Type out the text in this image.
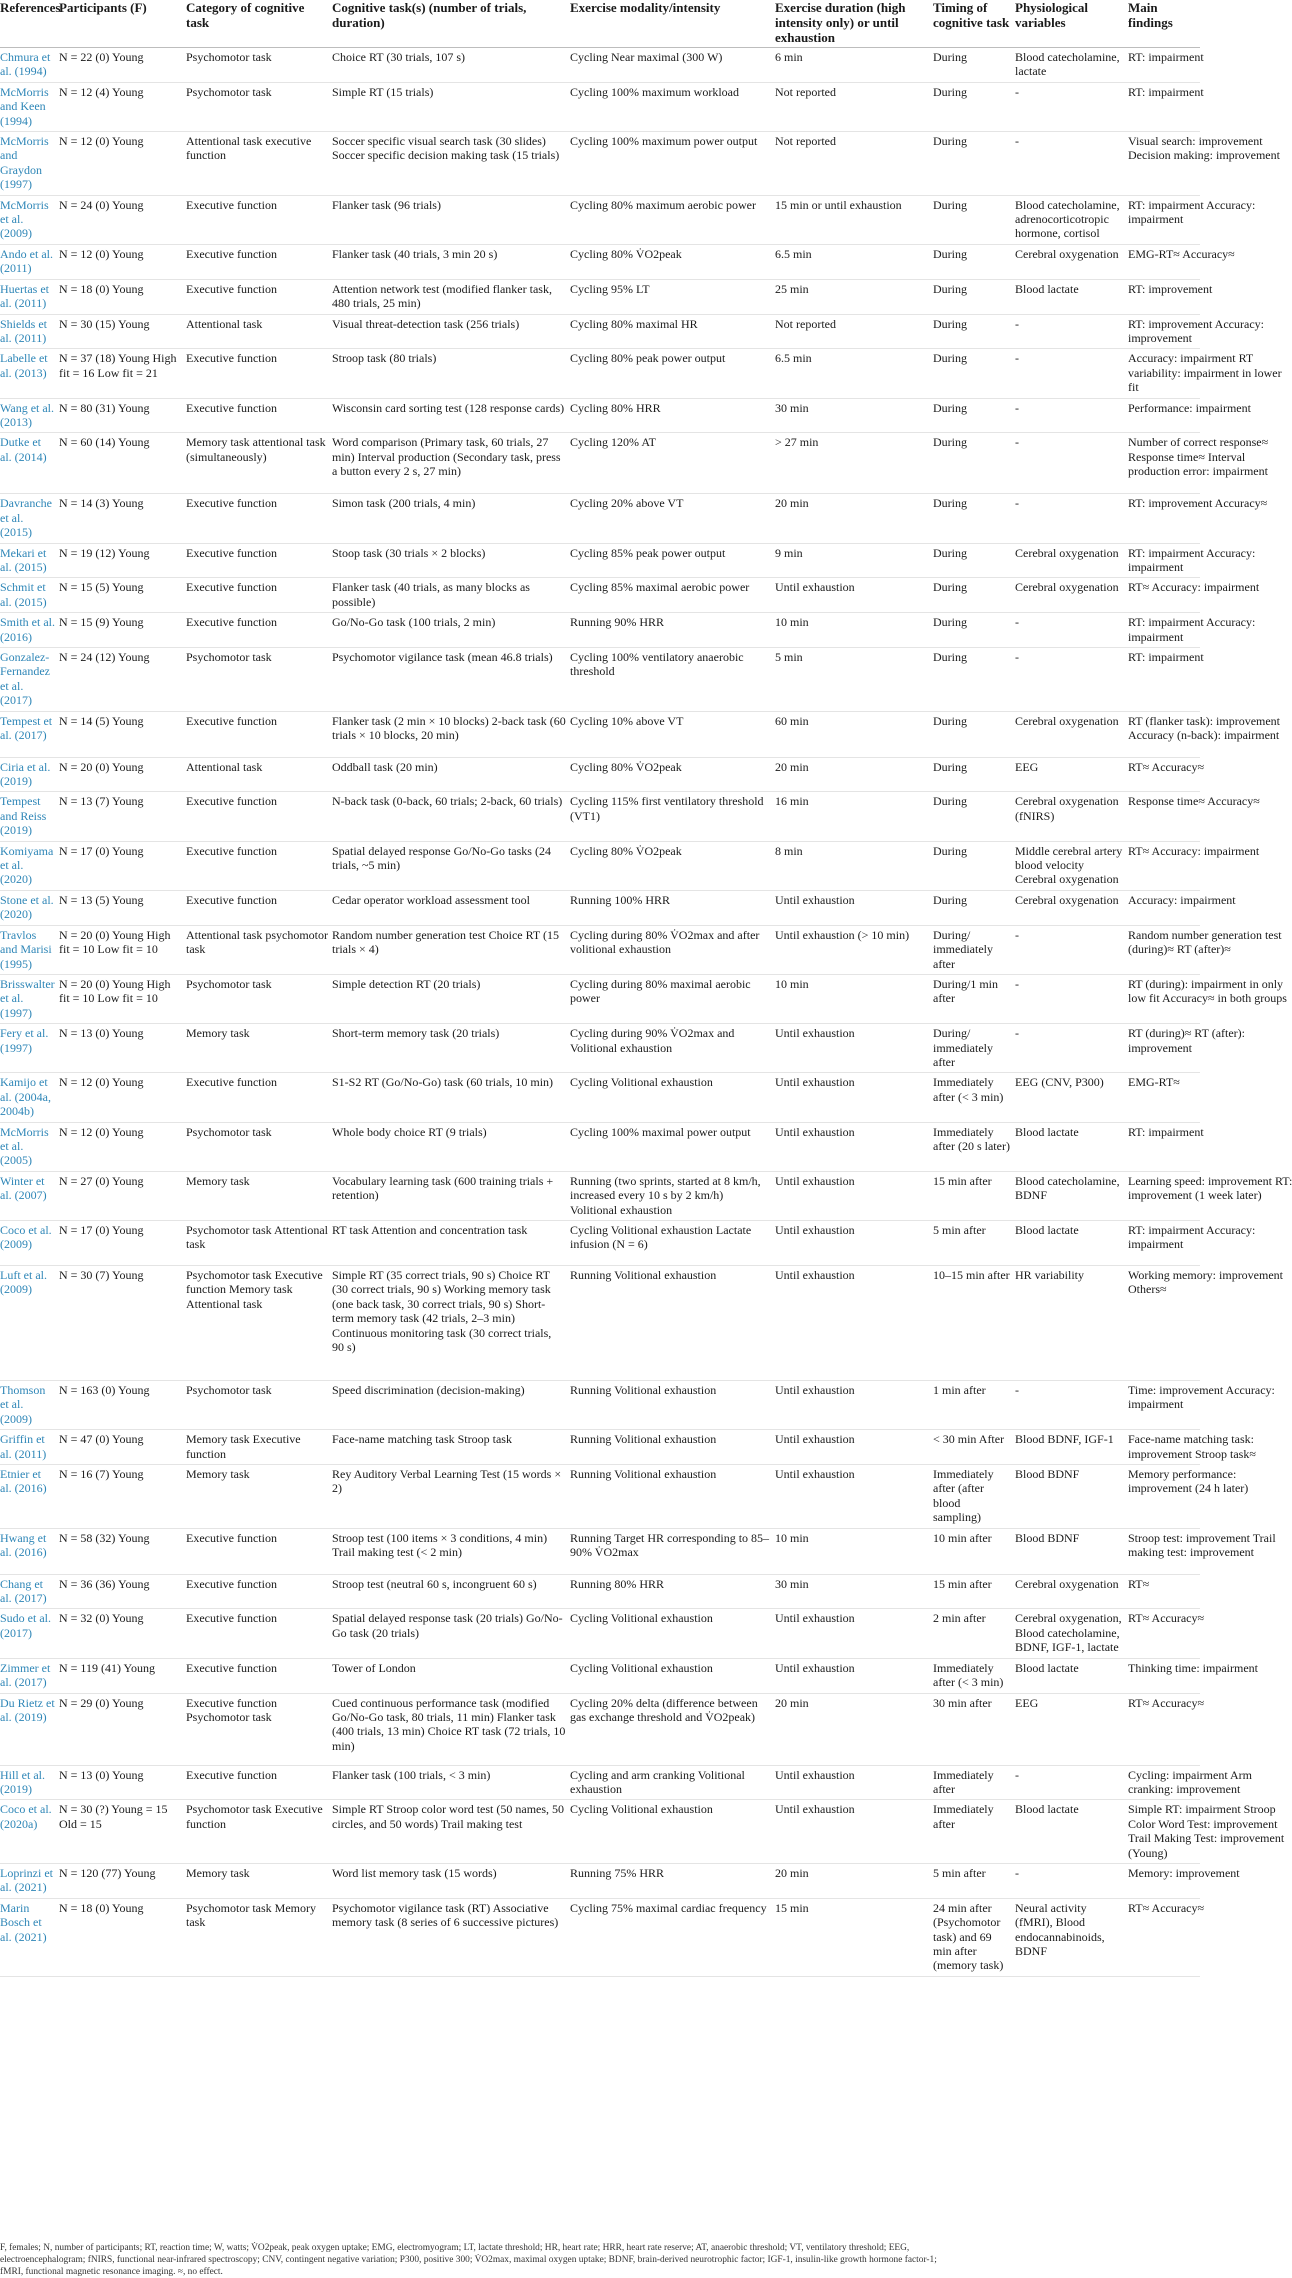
References	Participants (F)	Category of cognitive task	Cognitive task(s) (number of trials, duration)	Exercise modality/intensity	Exercise duration (high intensity only) or until exhaustion	Timing of cognitive task	Physiological variables	Main findings
Chmura et al. (1994)	N = 22 (0) Young	Psychomotor task	Choice RT (30 trials, 107 s)	Cycling Near maximal (300 W)	6 min	During	Blood catecholamine, lactate	RT: impairment
McMorris and Keen (1994)	N = 12 (4) Young	Psychomotor task	Simple RT (15 trials)	Cycling 100% maximum workload	Not reported	During	-	RT: impairment
McMorris and Graydon (1997)	N = 12 (0) Young	Attentional task executive function	Soccer specific visual search task (30 slides) Soccer specific decision making task (15 trials)	Cycling 100% maximum power output	Not reported	During	-	Visual search: improvement
Decision making: improvement
McMorris et al. (2009)	N = 24 (0) Young	Executive function	Flanker task (96 trials)	Cycling 80% maximum aerobic power	15 min or until exhaustion	During	Blood catecholamine, adrenocorticotropic hormone, cortisol	RT: impairment Accuracy:
impairment
Ando et al. (2011)	N = 12 (0) Young	Executive function	Flanker task (40 trials, 3 min 20 s)	Cycling 80% V̇O2peak	6.5 min	During	Cerebral oxygenation	EMG-RT≈ Accuracy≈
Huertas et al. (2011)	N = 18 (0) Young	Executive function	Attention network test (modified flanker task, 480 trials, 25 min)	Cycling 95% LT	25 min	During	Blood lactate	RT: improvement
Shields et al. (2011)	N = 30 (15) Young	Attentional task	Visual threat-detection task (256 trials)	Cycling 80% maximal HR	Not reported	During	-	RT: improvement Accuracy:
improvement
Labelle et al. (2013)	N = 37 (18) Young High fit = 16 Low fit = 21	Executive function	Stroop task (80 trials)	Cycling 80% peak power output	6.5 min	During	-	Accuracy: impairment RT
variability: impairment in lower
fit
Wang et al. (2013)	N = 80 (31) Young	Executive function	Wisconsin card sorting test (128 response cards)	Cycling 80% HRR	30 min	During	-	Performance: impairment
Dutke et al. (2014)	N = 60 (14) Young	Memory task attentional task (simultaneously)	Word comparison (Primary task, 60 trials, 27 min) Interval production (Secondary task, press a button every 2 s, 27 min)	Cycling 120% AT	> 27 min	During	-	Number of correct response≈
Response time≈ Interval
production error: impairment
Davranche et al. (2015)	N = 14 (3) Young	Executive function	Simon task (200 trials, 4 min)	Cycling 20% above VT	20 min	During	-	RT: improvement Accuracy≈
Mekari et al. (2015)	N = 19 (12) Young	Executive function	Stoop task (30 trials × 2 blocks)	Cycling 85% peak power output	9 min	During	Cerebral oxygenation	RT: impairment Accuracy:
impairment
Schmit et al. (2015)	N = 15 (5) Young	Executive function	Flanker task (40 trials, as many blocks as possible)	Cycling 85% maximal aerobic power	Until exhaustion	During	Cerebral oxygenation	RT≈ Accuracy: impairment
Smith et al. (2016)	N = 15 (9) Young	Executive function	Go/No-Go task (100 trials, 2 min)	Running 90% HRR	10 min	During	-	RT: impairment Accuracy:
impairment
Gonzalez-Fernandez et al. (2017)	N = 24 (12) Young	Psychomotor task	Psychomotor vigilance task (mean 46.8 trials)	Cycling 100% ventilatory anaerobic threshold	5 min	During	-	RT: impairment
Tempest et al. (2017)	N = 14 (5) Young	Executive function	Flanker task (2 min × 10 blocks) 2-back task (60 trials × 10 blocks, 20 min)	Cycling 10% above VT	60 min	During	Cerebral oxygenation	RT (flanker task): improvement
Accuracy (n-back): impairment
Ciria et al. (2019)	N = 20 (0) Young	Attentional task	Oddball task (20 min)	Cycling 80% V̇O2peak	20 min	During	EEG	RT≈ Accuracy≈
Tempest and Reiss (2019)	N = 13 (7) Young	Executive function	N-back task (0-back, 60 trials; 2-back, 60 trials)	Cycling 115% first ventilatory threshold (VT1)	16 min	During	Cerebral oxygenation (fNIRS)	Response time≈ Accuracy≈
Komiyama et al. (2020)	N = 17 (0) Young	Executive function	Spatial delayed response Go/No-Go tasks (24 trials, ~5 min)	Cycling 80% V̇O2peak	8 min	During	Middle cerebral artery blood velocity Cerebral oxygenation	RT≈ Accuracy: impairment
Stone et al. (2020)	N = 13 (5) Young	Executive function	Cedar operator workload assessment tool	Running 100% HRR	Until exhaustion	During	Cerebral oxygenation	Accuracy: impairment
Travlos and Marisi (1995)	N = 20 (0) Young High fit = 10 Low fit = 10	Attentional task psychomotor task	Random number generation test Choice RT (15 trials × 4)	Cycling during 80% V̇O2max and after volitional exhaustion	Until exhaustion (> 10 min)	During/ immediately after	-	Random number generation test
(during)≈ RT (after)≈
Brisswalter et al. (1997)	N = 20 (0) Young High fit = 10 Low fit = 10	Psychomotor task	Simple detection RT (20 trials)	Cycling during 80% maximal aerobic power	10 min	During/1 min after	-	RT (during): impairment in only
low fit Accuracy≈ in both groups
Fery et al. (1997)	N = 13 (0) Young	Memory task	Short-term memory task (20 trials)	Cycling during 90% V̇O2max and Volitional exhaustion	Until exhaustion	During/ immediately after	-	RT (during)≈ RT (after):
improvement
Kamijo et al. (2004a, 2004b)	N = 12 (0) Young	Executive function	S1-S2 RT (Go/No-Go) task (60 trials, 10 min)	Cycling Volitional exhaustion	Until exhaustion	Immediately after (< 3 min)	EEG (CNV, P300)	EMG-RT≈
McMorris et al. (2005)	N = 12 (0) Young	Psychomotor task	Whole body choice RT (9 trials)	Cycling 100% maximal power output	Until exhaustion	Immediately after (20 s later)	Blood lactate	RT: impairment
Winter et al. (2007)	N = 27 (0) Young	Memory task	Vocabulary learning task (600 training trials + retention)	Running (two sprints, started at 8 km/h, increased every 10 s by 2 km/h) Volitional exhaustion	Until exhaustion	15 min after	Blood catecholamine, BDNF	Learning speed: improvement RT:
improvement (1 week later)
Coco et al. (2009)	N = 17 (0) Young	Psychomotor task Attentional task	RT task Attention and concentration task	Cycling Volitional exhaustion Lactate infusion (N = 6)	Until exhaustion	5 min after	Blood lactate	RT: impairment Accuracy:
impairment
Luft et al. (2009)	N = 30 (7) Young	Psychomotor task Executive function Memory task Attentional task	Simple RT (35 correct trials, 90 s) Choice RT (30 correct trials, 90 s) Working memory task (one back task, 30 correct trials, 90 s) Short-term memory task (42 trials, 2–3 min) Continuous monitoring task (30 correct trials, 90 s)	Running Volitional exhaustion	Until exhaustion	10–15 min after	HR variability	Working memory: improvement
Others≈
Thomson et al. (2009)	N = 163 (0) Young	Psychomotor task	Speed discrimination (decision-making)	Running Volitional exhaustion	Until exhaustion	1 min after	-	Time: improvement Accuracy:
impairment
Griffin et al. (2011)	N = 47 (0) Young	Memory task Executive function	Face-name matching task Stroop task	Running Volitional exhaustion	Until exhaustion	< 30 min After	Blood BDNF, IGF-1	Face-name matching task:
improvement Stroop task≈
Etnier et al. (2016)	N = 16 (7) Young	Memory task	Rey Auditory Verbal Learning Test (15 words × 2)	Running Volitional exhaustion	Until exhaustion	Immediately after (after blood sampling)	Blood BDNF	Memory performance:
improvement (24 h later)
Hwang et al. (2016)	N = 58 (32) Young	Executive function	Stroop test (100 items × 3 conditions, 4 min) Trail making test (< 2 min)	Running Target HR corresponding to 85–90% V̇O2max	10 min	10 min after	Blood BDNF	Stroop test: improvement Trail
making test: improvement
Chang et al. (2017)	N = 36 (36) Young	Executive function	Stroop test (neutral 60 s, incongruent 60 s)	Running 80% HRR	30 min	15 min after	Cerebral oxygenation	RT≈
Sudo et al. (2017)	N = 32 (0) Young	Executive function	Spatial delayed response task (20 trials) Go/No-Go task (20 trials)	Cycling Volitional exhaustion	Until exhaustion	2 min after	Cerebral oxygenation, Blood catecholamine, BDNF, IGF-1, lactate	RT≈ Accuracy≈
Zimmer et al. (2017)	N = 119 (41) Young	Executive function	Tower of London	Cycling Volitional exhaustion	Until exhaustion	Immediately after (< 3 min)	Blood lactate	Thinking time: impairment
Du Rietz et al. (2019)	N = 29 (0) Young	Executive function Psychomotor task	Cued continuous performance task (modified Go/No-Go task, 80 trials, 11 min) Flanker task (400 trials, 13 min) Choice RT task (72 trials, 10 min)	Cycling 20% delta (difference between gas exchange threshold and V̇O2peak)	20 min	30 min after	EEG	RT≈ Accuracy≈
Hill et al. (2019)	N = 13 (0) Young	Executive function	Flanker task (100 trials, < 3 min)	Cycling and arm cranking Volitional exhaustion	Until exhaustion	Immediately after	-	Cycling: impairment Arm
cranking: improvement
Coco et al. (2020a)	N = 30 (?) Young = 15 Old = 15	Psychomotor task Executive function	Simple RT Stroop color word test (50 names, 50 circles, and 50 words) Trail making test	Cycling Volitional exhaustion	Until exhaustion	Immediately after	Blood lactate	Simple RT: impairment Stroop
Color Word Test: improvement
Trail Making Test: improvement
(Young)
Loprinzi et al. (2021)	N = 120 (77) Young	Memory task	Word list memory task (15 words)	Running 75% HRR	20 min	5 min after	-	Memory: improvement
Marin Bosch et al. (2021)	N = 18 (0) Young	Psychomotor task Memory task	Psychomotor vigilance task (RT) Associative memory task (8 series of 6 successive pictures)	Cycling 75% maximal cardiac frequency	15 min	24 min after (Psychomotor task) and 69 min after (memory task)	Neural activity (fMRI), Blood endocannabinoids, BDNF	RT≈ Accuracy≈
F, females; N, number of participants; RT, reaction time; W, watts; V̇O2peak, peak oxygen uptake; EMG, electromyogram; LT, lactate threshold; HR, heart rate; HRR, heart rate reserve; AT, anaerobic threshold; VT, ventilatory threshold; EEG,
electroencephalogram; fNIRS, functional near-infrared spectroscopy; CNV, contingent negative variation; P300, positive 300; V̇O2max, maximal oxygen uptake; BDNF, brain-derived neurotrophic factor; IGF-1, insulin-like growth hormone factor-1;
fMRI, functional magnetic resonance imaging. ≈, no effect.
